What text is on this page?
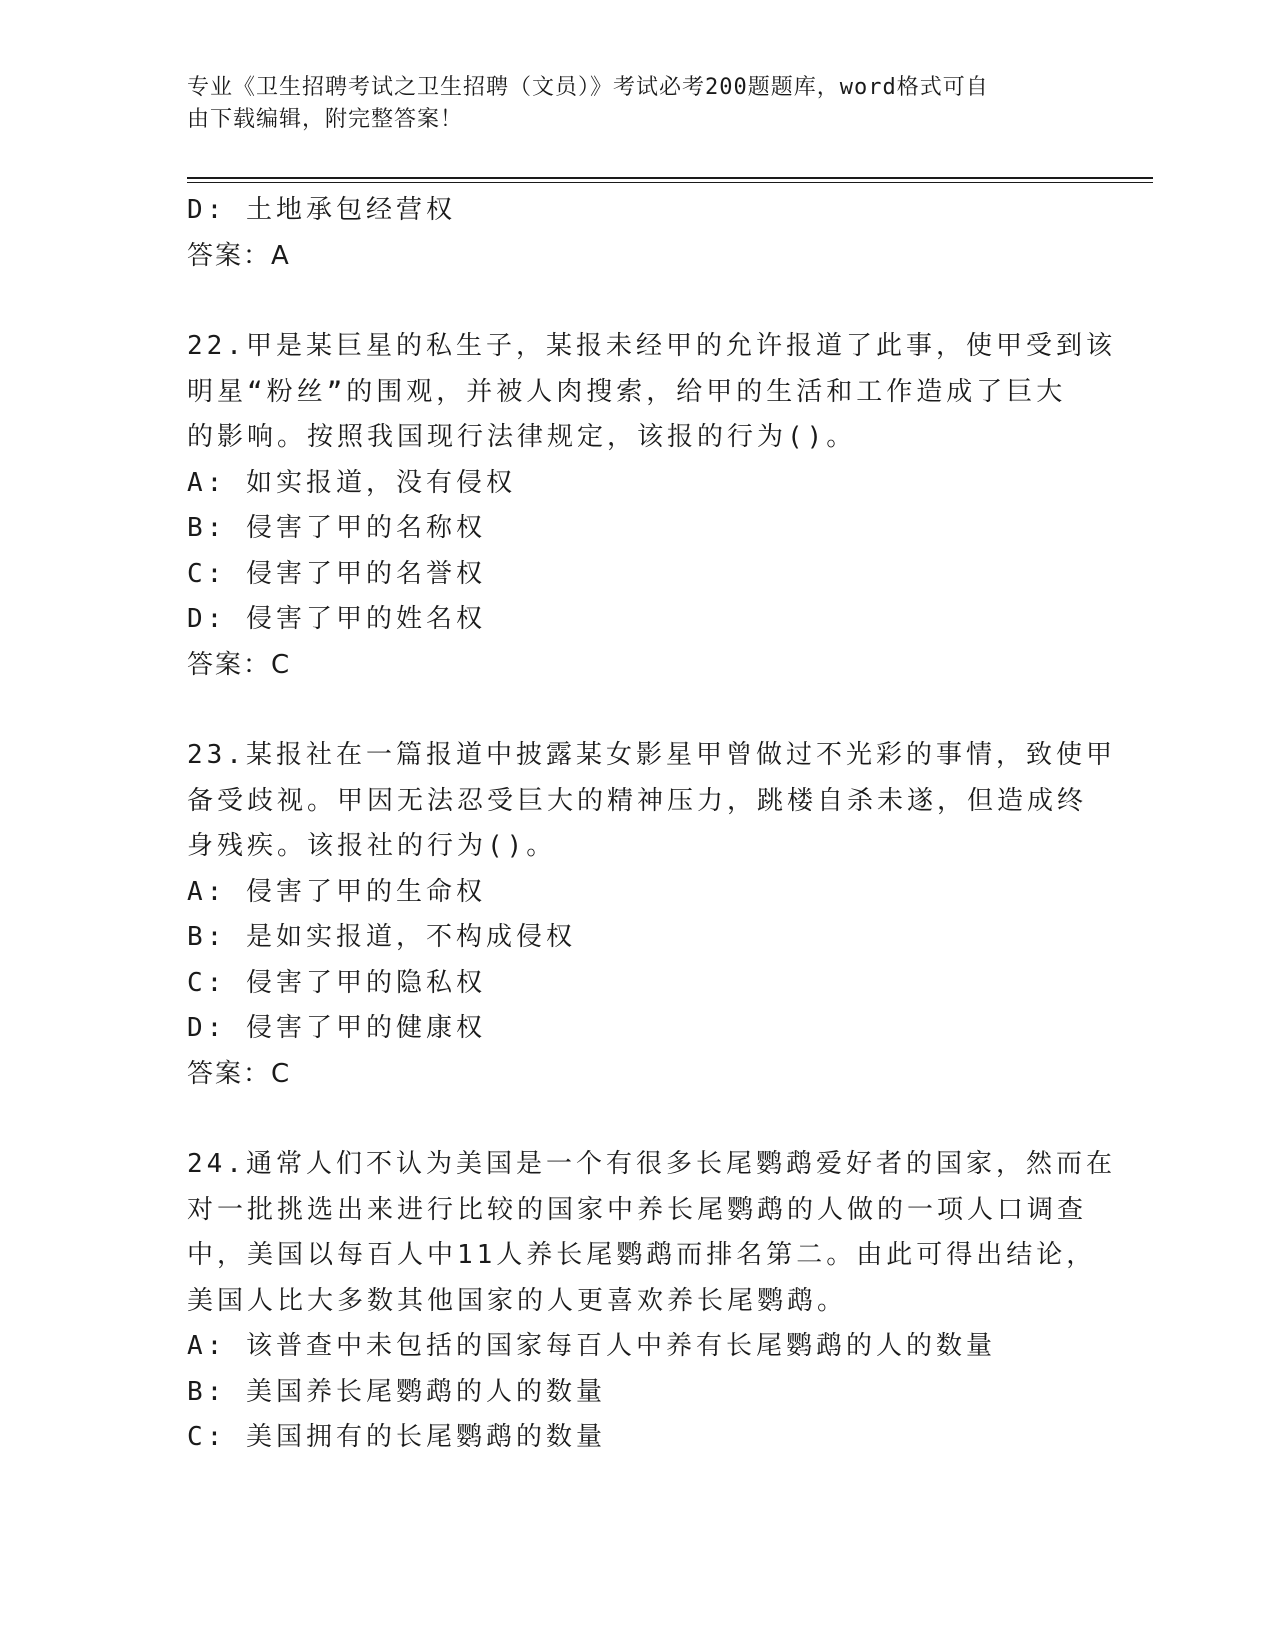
专业《卫生招聘考试之卫生招聘（文员）》考试必考200题题库，word格式可自
由下载编辑，附完整答案！
D: 土地承包经营权
答案：A
22.甲是某巨星的私生子，某报未经甲的允许报道了此事，使甲受到该
明星“粉丝”的围观，并被人肉搜索，给甲的生活和工作造成了巨大
的影响。按照我国现行法律规定，该报的行为()。
A: 如实报道，没有侵权
B: 侵害了甲的名称权
C: 侵害了甲的名誉权
D: 侵害了甲的姓名权
答案：C
23.某报社在一篇报道中披露某女影星甲曾做过不光彩的事情，致使甲
备受歧视。甲因无法忍受巨大的精神压力，跳楼自杀未遂，但造成终
身残疾。该报社的行为()。
A: 侵害了甲的生命权
B: 是如实报道，不构成侵权
C: 侵害了甲的隐私权
D: 侵害了甲的健康权
答案：C
24.通常人们不认为美国是一个有很多长尾鹦鹉爱好者的国家，然而在
对一批挑选出来进行比较的国家中养长尾鹦鹉的人做的一项人口调查
中，美国以每百人中11人养长尾鹦鹉而排名第二。由此可得出结论，
美国人比大多数其他国家的人更喜欢养长尾鹦鹉。
A: 该普查中未包括的国家每百人中养有长尾鹦鹉的人的数量
B: 美国养长尾鹦鹉的人的数量
C: 美国拥有的长尾鹦鹉的数量
